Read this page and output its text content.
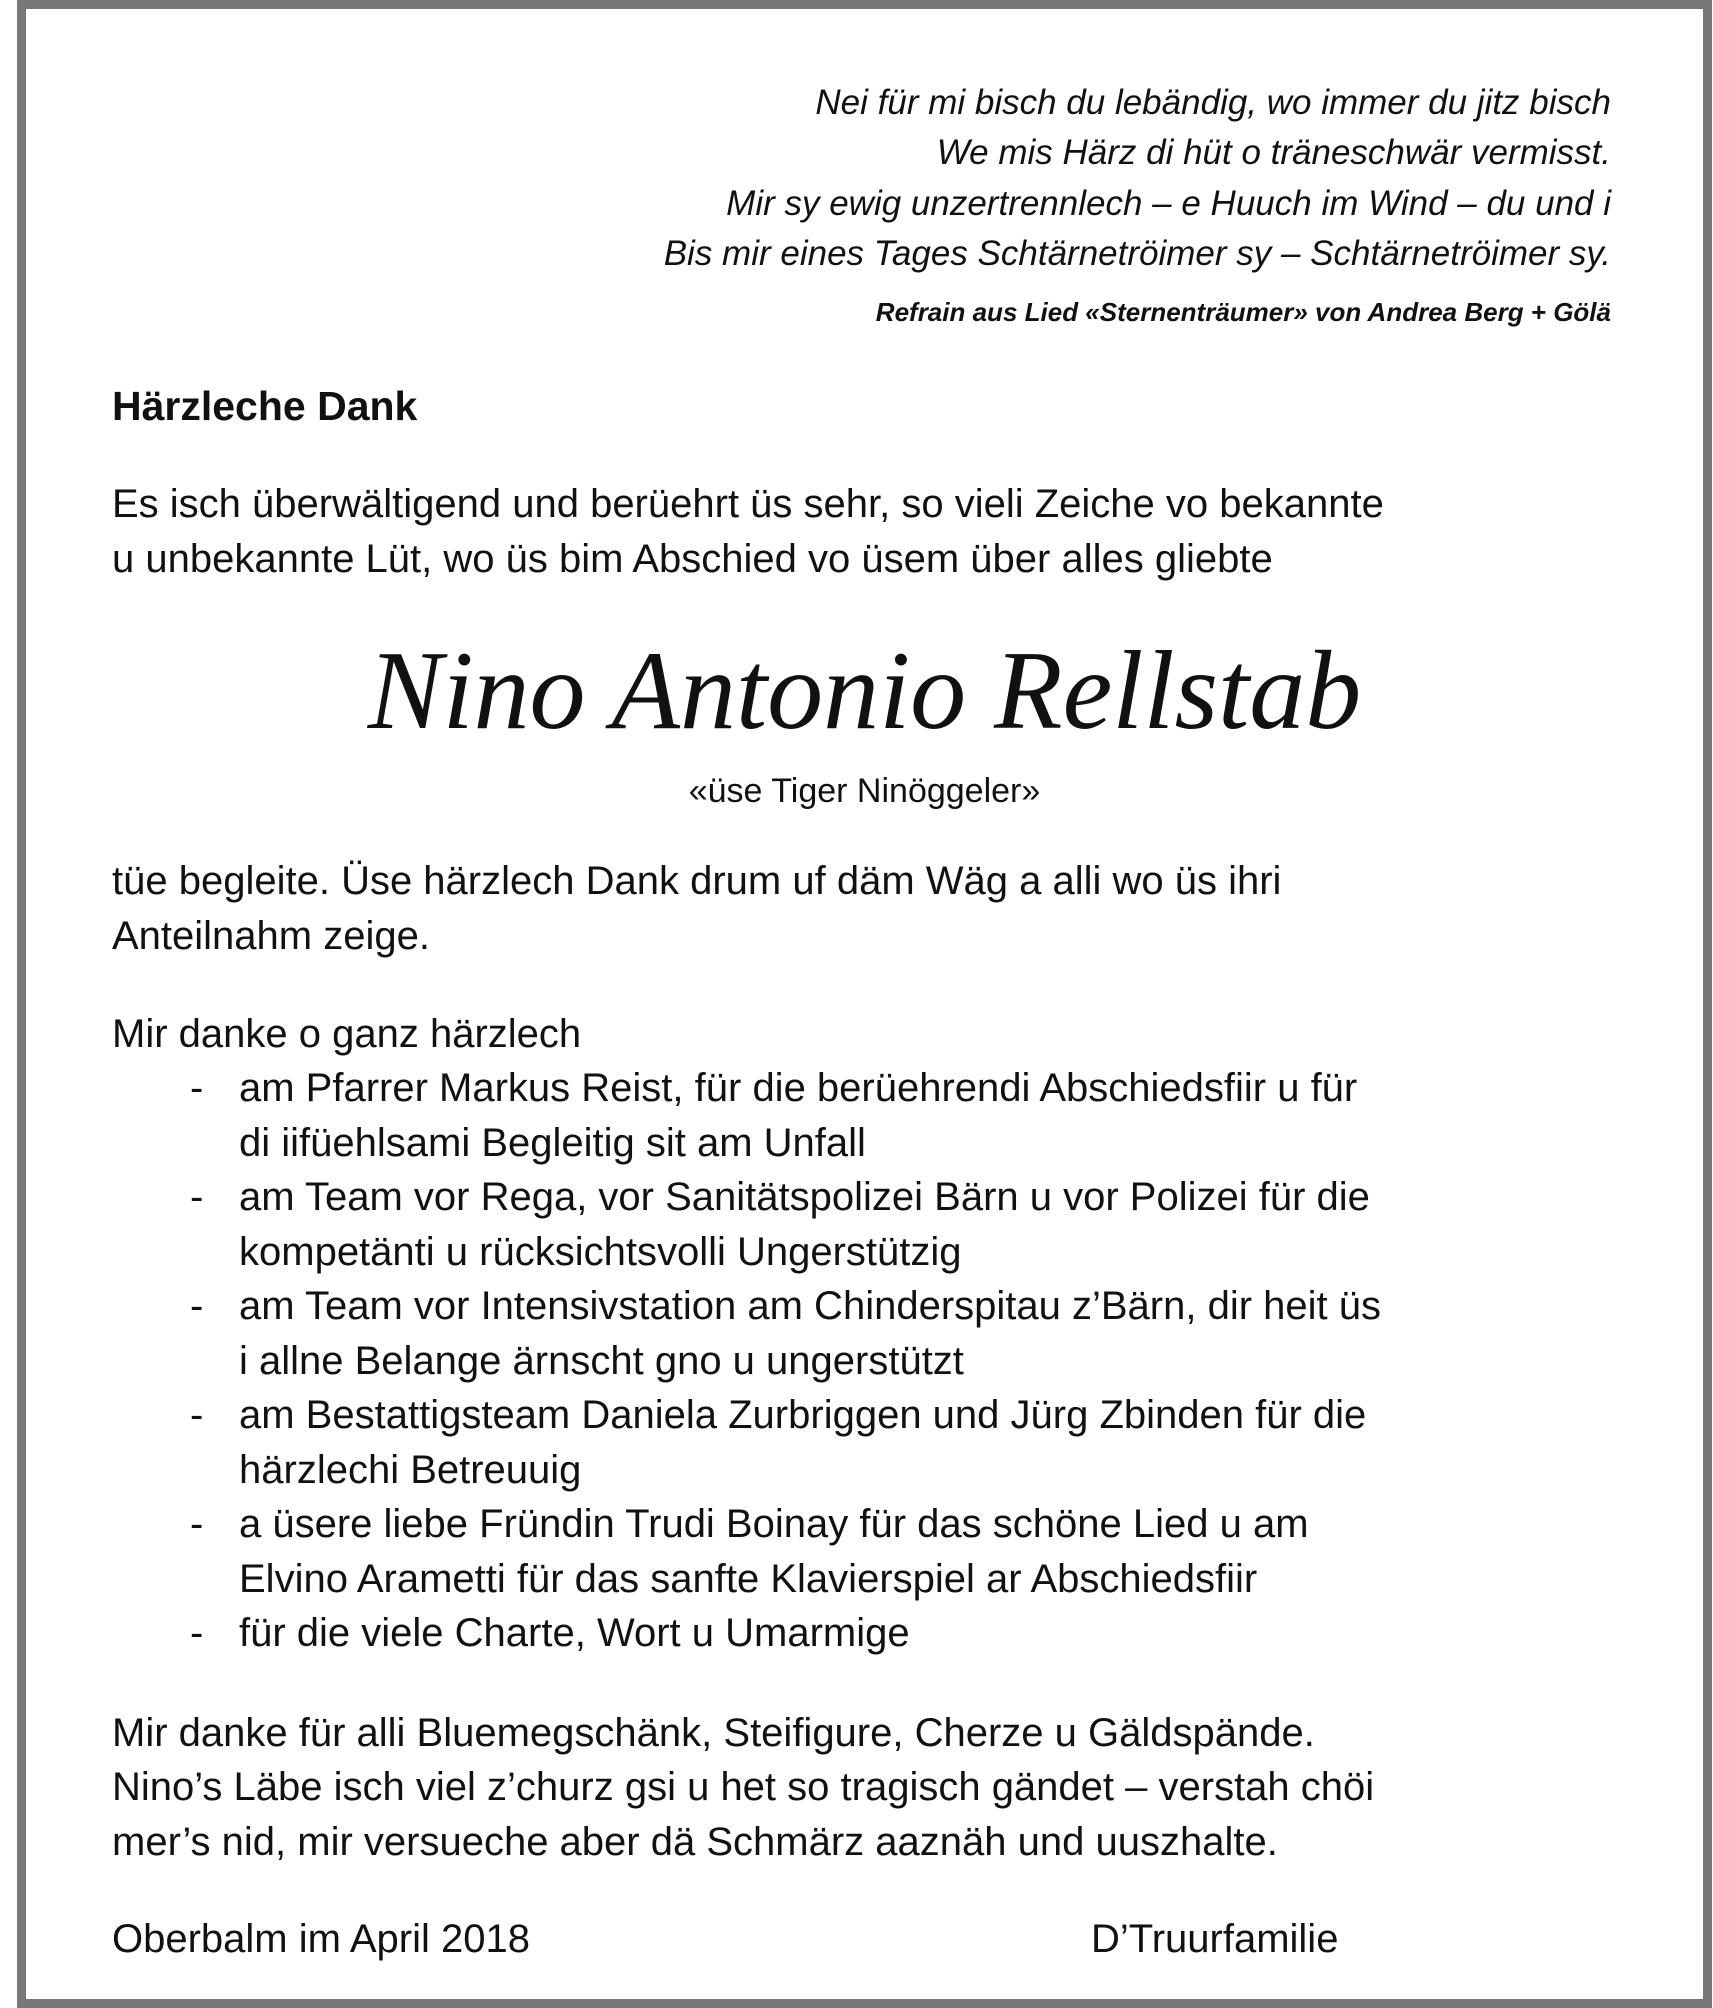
Nei für mi bisch du lebändig, wo immer du jitz bisch
We mis Härz di hüt o träneschwär vermisst.
Mir sy ewig unzertrennlech – e Huuch im Wind – du und i
Bis mir eines Tages Schtärnetröimer sy – Schtärnetröimer sy.
Refrain aus Lied «Sternenträumer» von Andrea Berg + Gölä
Härzleche Dank
Es isch überwältigend und berüehrt üs sehr, so vieli Zeiche vo bekannte
u unbekannte Lüt, wo üs bim Abschied vo üsem über alles gliebte
Nino Antonio Rellstab
«üse Tiger Ninöggeler»
tüe begleite. Üse härzlech Dank drum uf däm Wäg a alli wo üs ihri
Anteilnahm zeige.
Mir danke o ganz härzlech
- am Pfarrer Markus Reist, für die berüehrendi Abschiedsfiir u für
di iifüehlsami Begleitig sit am Unfall
- am Team vor Rega, vor Sanitätspolizei Bärn u vor Polizei für die
kompetänti u rücksichtsvolli Ungerstützig
- am Team vor Intensivstation am Chinderspitau z’Bärn, dir heit üs
i allne Belange ärnscht gno u ungerstützt
- am Bestattigsteam Daniela Zurbriggen und Jürg Zbinden für die
härzlechi Betreuuig
- a üsere liebe Fründin Trudi Boinay für das schöne Lied u am
Elvino Arametti für das sanfte Klavierspiel ar Abschiedsfiir
- für die viele Charte, Wort u Umarmige
Mir danke für alli Bluemegschänk, Steifigure, Cherze u Gäldspände.
Nino’s Läbe isch viel z’churz gsi u het so tragisch gändet – verstah chöi
mer’s nid, mir versueche aber dä Schmärz aaznäh und uuszhalte.
Oberbalm im April 2018	D’Truurfamilie
